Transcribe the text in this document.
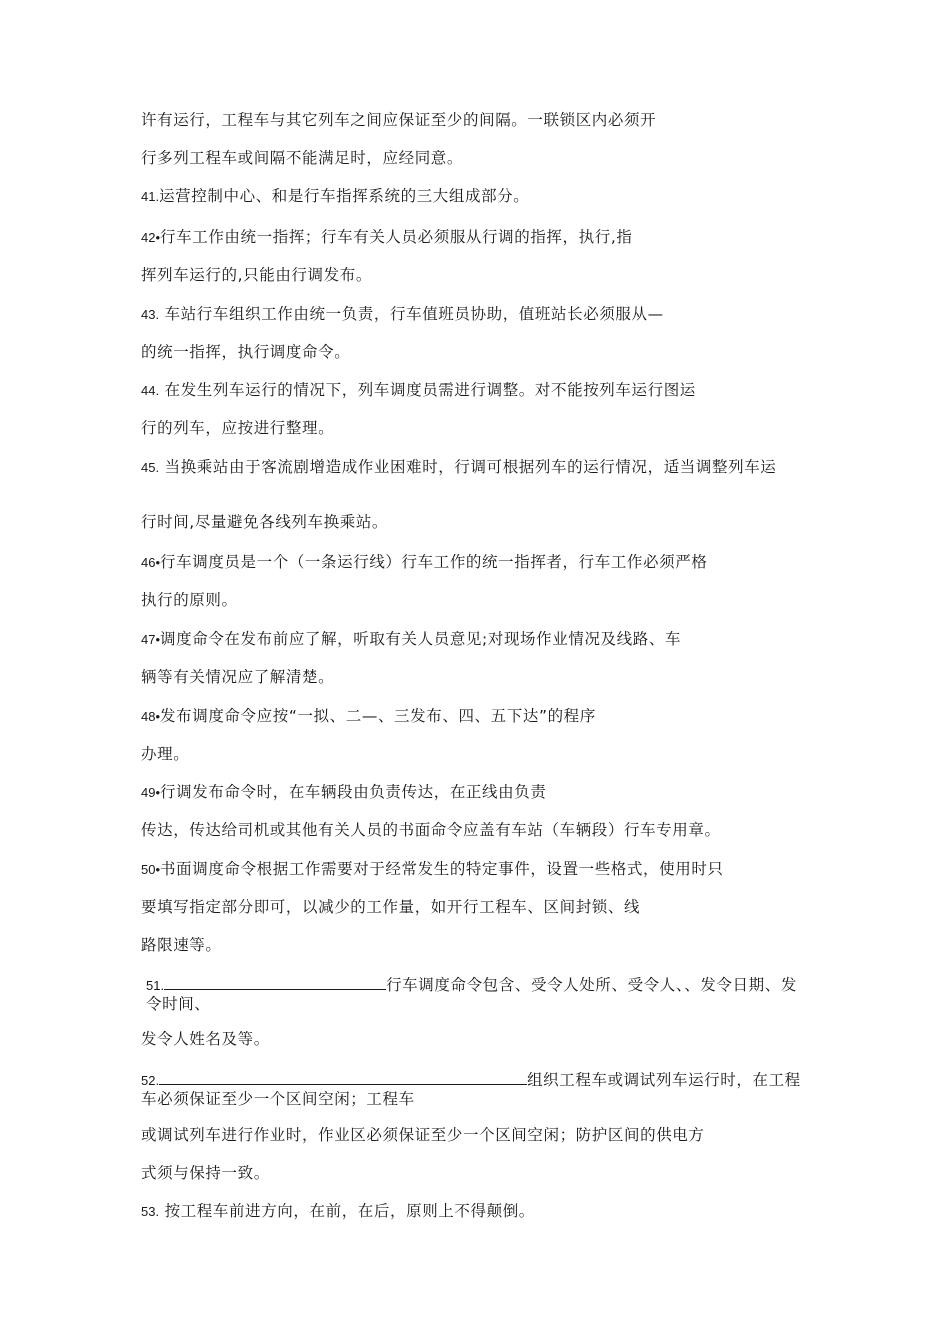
许有运行，工程车与其它列车之间应保证至少的间隔。一联锁区内必须开
行多列工程车或间隔不能满足时，应经同意。
41.运营控制中心、和是行车指挥系统的三大组成部分。
42•行车工作由统一指挥；行车有关人员必须服从行调的指挥，执行,指
挥列车运行的,只能由行调发布。
43. 车站行车组织工作由统一负责，行车值班员协助，值班站长必须服从—
的统一指挥，执行调度命令。
44. 在发生列车运行的情况下，列车调度员需进行调整。对不能按列车运行图运
行的列车，应按进行整理。
45. 当换乘站由于客流剧增造成作业困难时，行调可根据列车的运行情况，适当调整列车运
行时间,尽量避免各线列车换乘站。
46•行车调度员是一个（一条运行线）行车工作的统一指挥者，行车工作必须严格
执行的原则。
47•调度命令在发布前应了解，听取有关人员意见;对现场作业情况及线路、车
辆等有关情况应了解清楚。
48•发布调度命令应按“一拟、二—、三发布、四、五下达”的程序
办理。
49•行调发布命令时，在车辆段由负责传达，在正线由负责
传达，传达给司机或其他有关人员的书面命令应盖有车站（车辆段）行车专用章。
50•书面调度命令根据工作需要对于经常发生的特定事件，设置一些格式，使用时只
要填写指定部分即可，以减少的工作量，如开行工程车、区间封锁、线
路限速等。
51.	行车调度命令包含、受令人处所、受令人、、发令日期、发令时间、
发令人姓名及等。
52.	组织工程车或调试列车运行时，在工程车必须保证至少一个区间空闲；工程车
或调试列车进行作业时，作业区必须保证至少一个区间空闲；防护区间的供电方
式须与保持一致。
53. 按工程车前进方向，在前，在后，原则上不得颠倒。
